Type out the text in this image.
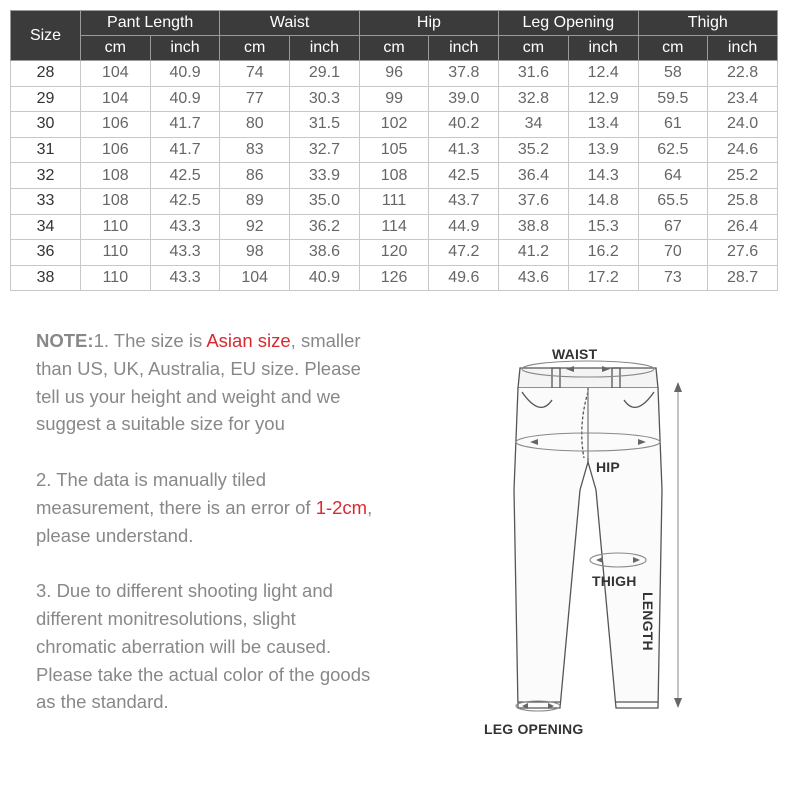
Size	Pant Length		Waist		Hip		Leg Opening		Thigh	
	cm	inch	cm	inch	cm	inch	cm	inch	cm	inch
28	104	40.9	74	29.1	96	37.8	31.6	12.4	58	22.8
29	104	40.9	77	30.3	99	39.0	32.8	12.9	59.5	23.4
30	106	41.7	80	31.5	102	40.2	34	13.4	61	24.0
31	106	41.7	83	32.7	105	41.3	35.2	13.9	62.5	24.6
32	108	42.5	86	33.9	108	42.5	36.4	14.3	64	25.2
33	108	42.5	89	35.0	111	43.7	37.6	14.8	65.5	25.8
34	110	43.3	92	36.2	114	44.9	38.8	15.3	67	26.4
36	110	43.3	98	38.6	120	47.2	41.2	16.2	70	27.6
38	110	43.3	104	40.9	126	49.6	43.6	17.2	73	28.7

NOTE:1. The size is Asian size, smaller than US, UK, Australia, EU size. Please tell us your height and weight and we suggest a suitable size for you

2. The data is manually tiled measurement, there is an error of 1-2cm, please understand.

3. Due to different shooting light and different monitresolutions, slight chromatic aberration will be caused. Please take the actual color of the goods as the standard.

WAIST
HIP
THIGH
LENGTH
LEG OPENING
